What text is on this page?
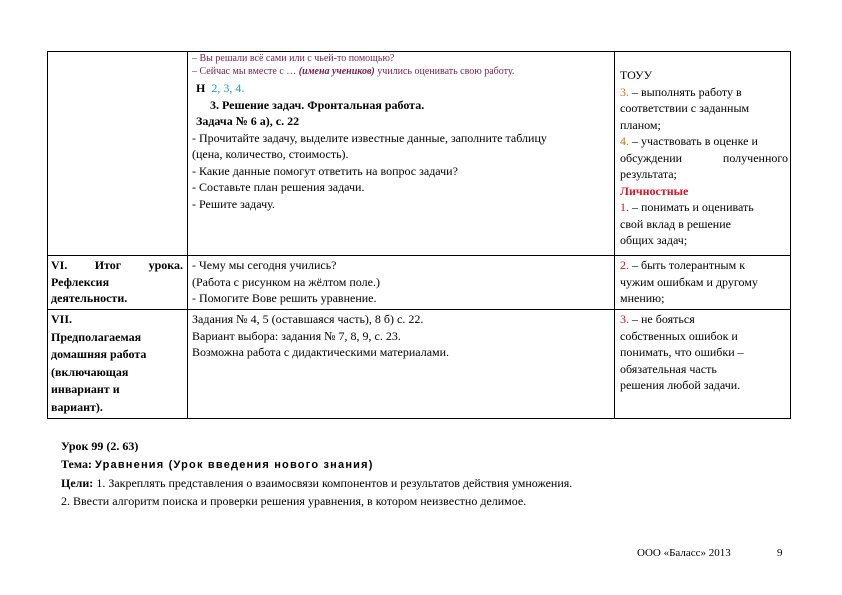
– Вы решали всё сами или с чьей-то помощью?
– Сейчас мы вместе с … (имена учеников) учились оценивать свою работу.
Н 2, 3, 4.
3. Решение задач. Фронтальная работа.
Задача № 6 а), с. 22
- Прочитайте задачу, выделите известные данные, заполните таблицу
(цена, количество, стоимость).
- Какие данные помогут ответить на вопрос задачи?
- Составьте план решения задачи.
- Решите задачу.
ТОУУ
3. – выполнять работу в
соответствии с заданным
планом;
4. – участвовать в оценке и
обсуждении полученного
результата;
Личностные
1. – понимать и оценивать
свой вклад в решение
общих задач;
VI. Итог урока.
Рефлексия
деятельности.
- Чему мы сегодня учились?
(Работа с рисунком на жёлтом поле.)
- Помогите Вове решить уравнение.
2. – быть толерантным к
чужим ошибкам и другому
мнению;
VII.
Предполагаемая
домашняя работа
(включающая
инвариант и
вариант).
Задания № 4, 5 (оставшаяся часть), 8 б) с. 22.
Вариант выбора: задания № 7, 8, 9, с. 23.
Возможна работа с дидактическими материалами.
3. – не бояться
собственных ошибок и
понимать, что ошибки –
обязательная часть
решения любой задачи.
Урок 99 (2. 63)
Тема: Уравнения (Урок введения нового знания)
Цели: 1. Закреплять представления о взаимосвязи компонентов и результатов действия умножения.
2. Ввести алгоритм поиска и проверки решения уравнения, в котором неизвестно делимое.
ООО «Баласс» 2013	9
